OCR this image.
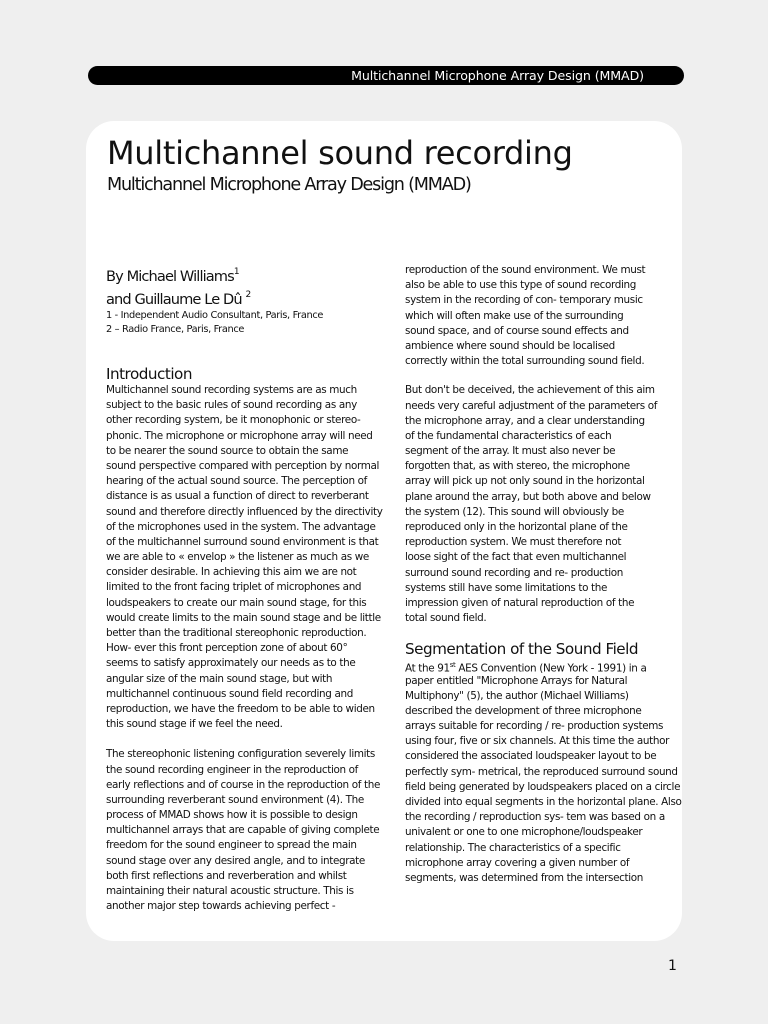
Multichannel Microphone Array Design (MMAD)
Multichannel sound recording
Multichannel Microphone Array Design (MMAD)
By Michael Williams$^1$
and Guillaume Le Dû $^2$
1 - Independent Audio Consultant, Paris, France
2 – Radio France, Paris, France
Introduction

Multichannel sound recording systems are as much
subject to the basic rules of sound recording as any
other recording system, be it monophonic or stereo-
phonic. The microphone or microphone array will need
to be nearer the sound source to obtain the same
sound perspective compared with perception by normal
hearing of the actual sound source. The perception of
distance is as usual a function of direct to reverberant
sound and therefore directly influenced by the directivity
of the microphones used in the system. The advantage
of the multichannel surround sound environment is that
we are able to « envelop » the listener as much as we
consider desirable. In achieving this aim we are not
limited to the front facing triplet of microphones and
loudspeakers to create our main sound stage, for this
would create limits to the main sound stage and be little
better than the traditional stereophonic reproduction.
How- ever this front perception zone of about 60°
seems to satisfy approximately our needs as to the
angular size of the main sound stage, but with
multichannel continuous sound field recording and
reproduction, we have the freedom to be able to widen
this sound stage if we feel the need.

The stereophonic listening configuration severely limits
the sound recording engineer in the reproduction of
early reflections and of course in the reproduction of the
surrounding reverberant sound environment (4). The
process of MMAD shows how it is possible to design
multichannel arrays that are capable of giving complete
freedom for the sound engineer to spread the main
sound stage over any desired angle, and to integrate
both first reflections and reverberation and whilst
maintaining their natural acoustic structure. This is
another major step towards achieving perfect -

reproduction of the sound environment. We must
also be able to use this type of sound recording
system in the recording of con- temporary music
which will often make use of the surrounding
sound space, and of course sound effects and
ambience where sound should be localised
correctly within the total surrounding sound field.

But don't be deceived, the achievement of this aim
needs very careful adjustment of the parameters of
the microphone array, and a clear understanding
of the fundamental characteristics of each
segment of the array. It must also never be
forgotten that, as with stereo, the microphone
array will pick up not only sound in the horizontal
plane around the array, but both above and below
the system (12). This sound will obviously be
reproduced only in the horizontal plane of the
reproduction system. We must therefore not
loose sight of the fact that even multichannel
surround sound recording and re- production
systems still have some limitations to the
impression given of natural reproduction of the
total sound field.

Segmentation of the Sound Field

At the 91st AES Convention (New York - 1991) in a

paper entitled "Microphone Arrays for Natural
Multiphony" (5), the author (Michael Williams)
described the development of three microphone
arrays suitable for recording / re- production systems
using four, five or six channels. At this time the author
considered the associated loudspeaker layout to be
perfectly sym- metrical, the reproduced surround sound
field being generated by loudspeakers placed on a circle
divided into equal segments in the horizontal plane. Also
the recording / reproduction sys- tem was based on a
univalent or one to one microphone/loudspeaker
relationship. The characteristics of a specific
microphone array covering a given number of
segments, was determined from the intersection

1
